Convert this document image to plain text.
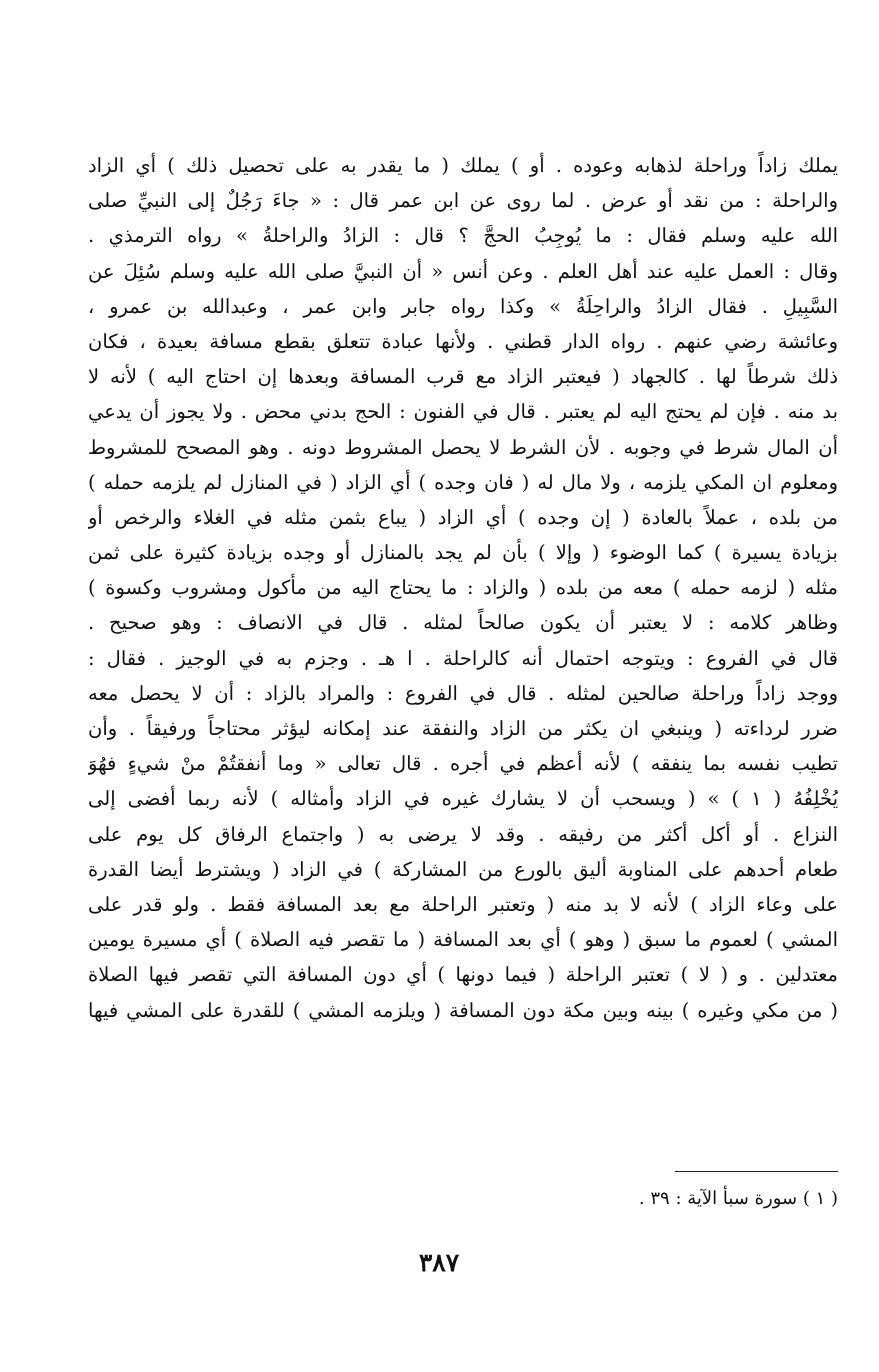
يملك زاداً وراحلة لذهابه وعوده . أو ) يملك ( ما يقدر به على تحصيل ذلك ) أي الزاد
والراحلة : من نقد أو عرض . لما روى عن ابن عمر قال : « جاءَ رَجُلٌ إلى النبيِّ صلى
الله عليه وسلم فقال : ما يُوجِبُ الحجَّ ؟ قال : الزادُ والراحلةُ » رواه الترمذي .
وقال : العمل عليه عند أهل العلم . وعن أنس « أن النبيَّ صلى الله عليه وسلم سُئِلَ عن
السَّبِيلِ . فقال الزادُ والراحِلَةُ » وكذا رواه جابر وابن عمر ، وعبدالله بن عمرو ،
وعائشة رضي عنهم . رواه الدار قطني . ولأنها عبادة تتعلق بقطع مسافة بعيدة ، فكان
ذلك شرطاً لها . كالجهاد ( فيعتبر الزاد مع قرب المسافة وبعدها إن احتاج اليه ) لأنه لا
بد منه . فإن لم يحتج اليه لم يعتبر . قال في الفنون : الحج بدني محض . ولا يجوز أن يدعي
أن المال شرط في وجوبه . لأن الشرط لا يحصل المشروط دونه . وهو المصحح للمشروط
ومعلوم ان المكي يلزمه ، ولا مال له ( فان وجده ) أي الزاد ( في المنازل لم يلزمه حمله )
من بلده ، عملاً بالعادة ( إن وجده ) أي الزاد ( يباع بثمن مثله في الغلاء والرخص أو
بزيادة يسيرة ) كما الوضوء ( وإلا ) بأن لم يجد بالمنازل أو وجده بزيادة كثيرة على ثمن
مثله ( لزمه حمله ) معه من بلده ( والزاد : ما يحتاج اليه من مأكول ومشروب وكسوة )
وظاهر كلامه : لا يعتبر أن يكون صالحاً لمثله . قال في الانصاف : وهو صحيح .
قال في الفروع : ويتوجه احتمال أنه كالراحلة . ا هـ . وجزم به في الوجيز . فقال :
ووجد زاداً وراحلة صالحين لمثله . قال في الفروع : والمراد بالزاد : أن لا يحصل معه
ضرر لرداءته ( وينبغي ان يكثر من الزاد والنفقة عند إمكانه ليؤثر محتاجاً ورفيقاً . وأن
تطيب نفسه بما ينفقه ) لأنه أعظم في أجره . قال تعالى « وما أنفقتُمْ منْ شيءٍ فهُوَ
يُخْلِفُهُ ( ١ ) » ( ويسحب أن لا يشارك غيره في الزاد وأمثاله ) لأنه ربما أفضى إلى
النزاع . أو أكل أكثر من رفيقه . وقد لا يرضى به ( واجتماع الرفاق كل يوم على
طعام أحدهم على المناوبة أليق بالورع من المشاركة ) في الزاد ( ويشترط أيضا القدرة
على وعاء الزاد ) لأنه لا بد منه ( وتعتبر الراحلة مع بعد المسافة فقط . ولو قدر على
المشي ) لعموم ما سبق ( وهو ) أي بعد المسافة ( ما تقصر فيه الصلاة ) أي مسيرة يومين
معتدلين . و ( لا ) تعتبر الراحلة ( فيما دونها ) أي دون المسافة التي تقصر فيها الصلاة
( من مكي وغيره ) بينه وبين مكة دون المسافة ( ويلزمه المشي ) للقدرة على المشي فيها
( ١ ) سورة سبأ الآية : ٣٩ .
٣٨٧
